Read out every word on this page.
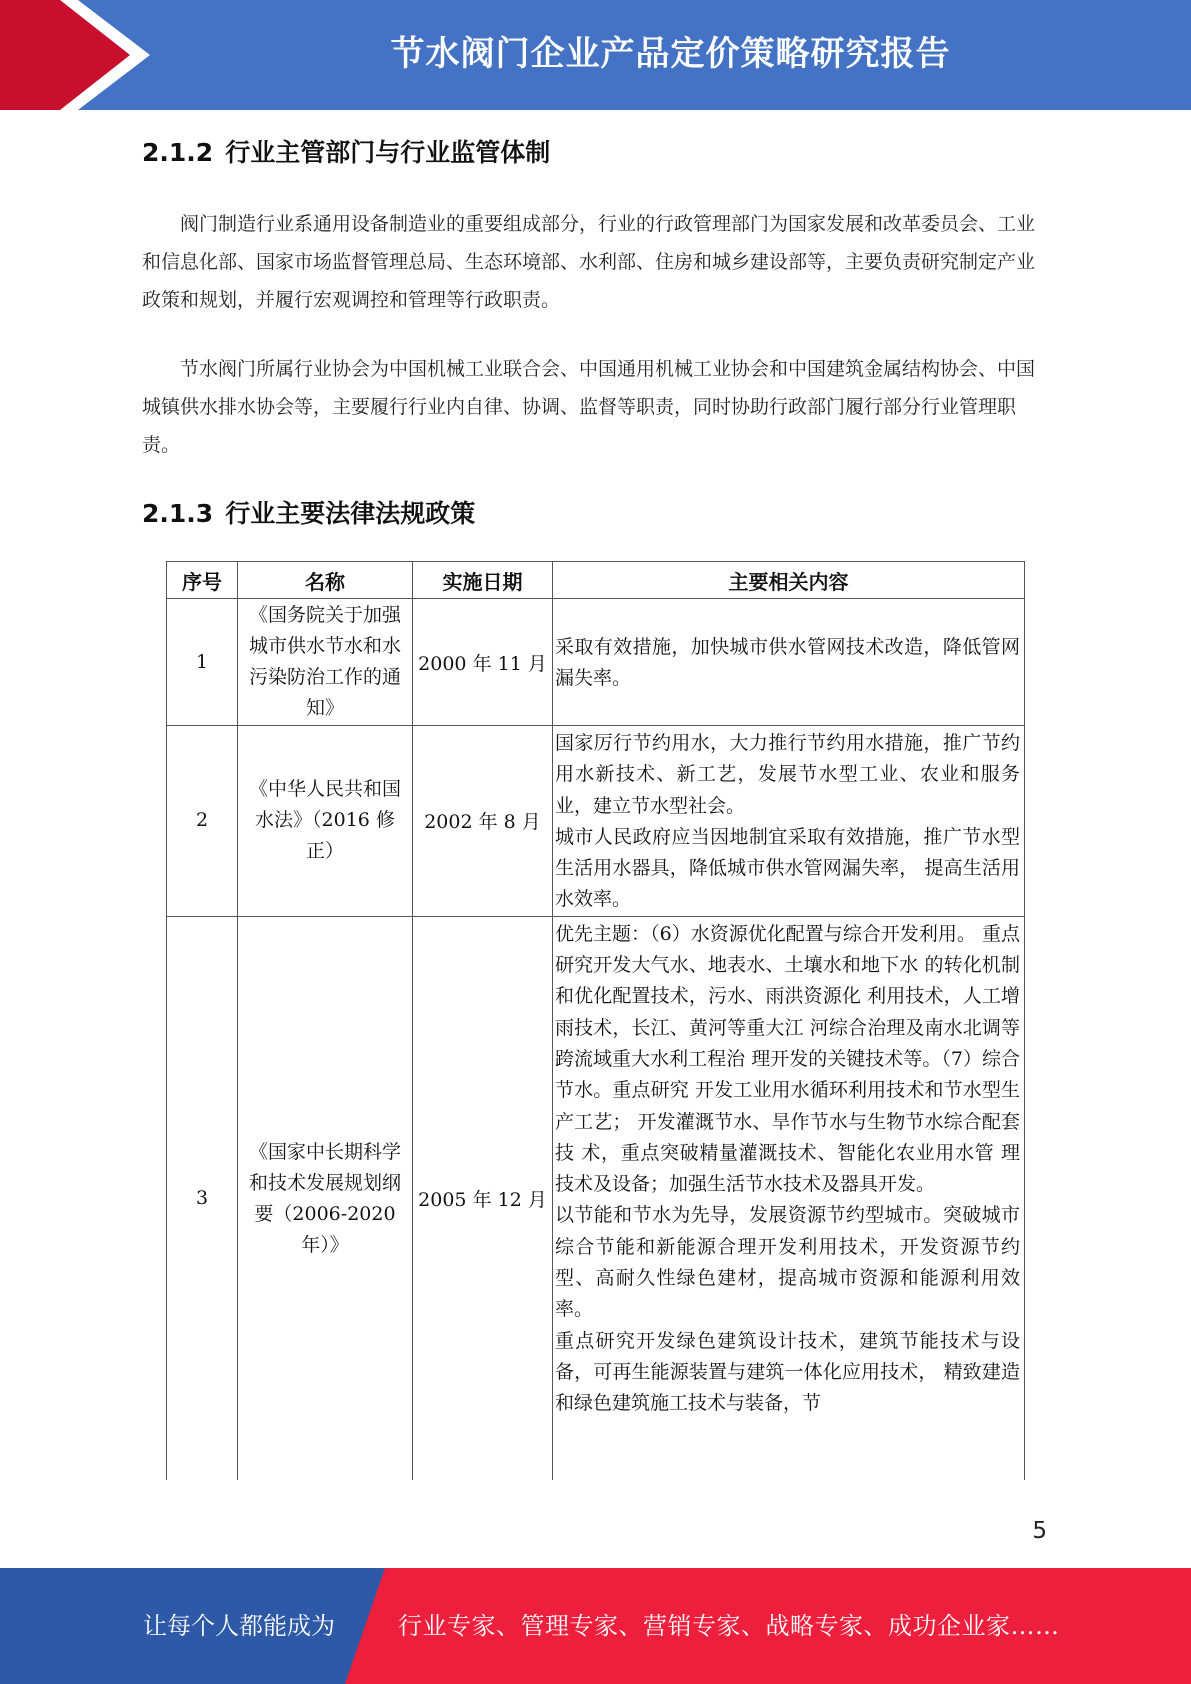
节水阀门企业产品定价策略研究报告
2.1.2 行业主管部门与行业监管体制

阀门制造行业系通用设备制造业的重要组成部分，行业的行政管理部门为国家发展和改革委员会、工业和信息化部、国家市场监督管理总局、生态环境部、水利部、住房和城乡建设部等，主要负责研究制定产业政策和规划，并履行宏观调控和管理等行政职责。

节水阀门所属行业协会为中国机械工业联合会、中国通用机械工业协会和中国建筑金属结构协会、中国城镇供水排水协会等，主要履行行业内自律、协调、监督等职责，同时协助行政部门履行部分行业管理职责。

2.1.3 行业主要法律法规政策
序号	名称	实施日期	主要相关内容
1	《国务院关于加强城市供水节水和水污染防治工作的通知》	2000 年 11 月	采取有效措施，加快城市供水管网技术改造，降低管网漏失率。

2	《中华人民共和国水法》（2016 修正）	2002 年 8 月	国家厉行节约用水，大力推行节约用水措施，推广节约用水新技术、新工艺，发展节水型工业、农业和服务业，建立节水型社会。
城市人民政府应当因地制宜采取有效措施，推广节水型生活用水器具，降低城市供水管网漏失率， 提高生活用水效率。

3	《国家中长期科学和技术发展规划纲要（2006-2020 年）》	2005 年 12 月	优先主题：（6）水资源优化配置与综合开发利用。 重点研究开发大气水、地表水、土壤水和地下水 的转化机制和优化配置技术，污水、雨洪资源化 利用技术，人工增雨技术，长江、黄河等重大江 河综合治理及南水北调等跨流域重大水利工程治 理开发的关键技术等。（7）综合节水。重点研究 开发工业用水循环利用技术和节水型生产工艺； 开发灌溉节水、旱作节水与生物节水综合配套技 术，重点突破精量灌溉技术、智能化农业用水管 理技术及设备；加强生活节水技术及器具开发。
以节能和节水为先导，发展资源节约型城市。突破城市综合节能和新能源合理开发利用技术，开发资源节约型、高耐久性绿色建材，提高城市资源和能源利用效率。
重点研究开发绿色建筑设计技术，建筑节能技术与设备，可再生能源装置与建筑一体化应用技术， 精致建造和绿色建筑施工技术与装备，节
5
让每个人都能成为	行业专家、管理专家、营销专家、战略专家、成功企业家……
